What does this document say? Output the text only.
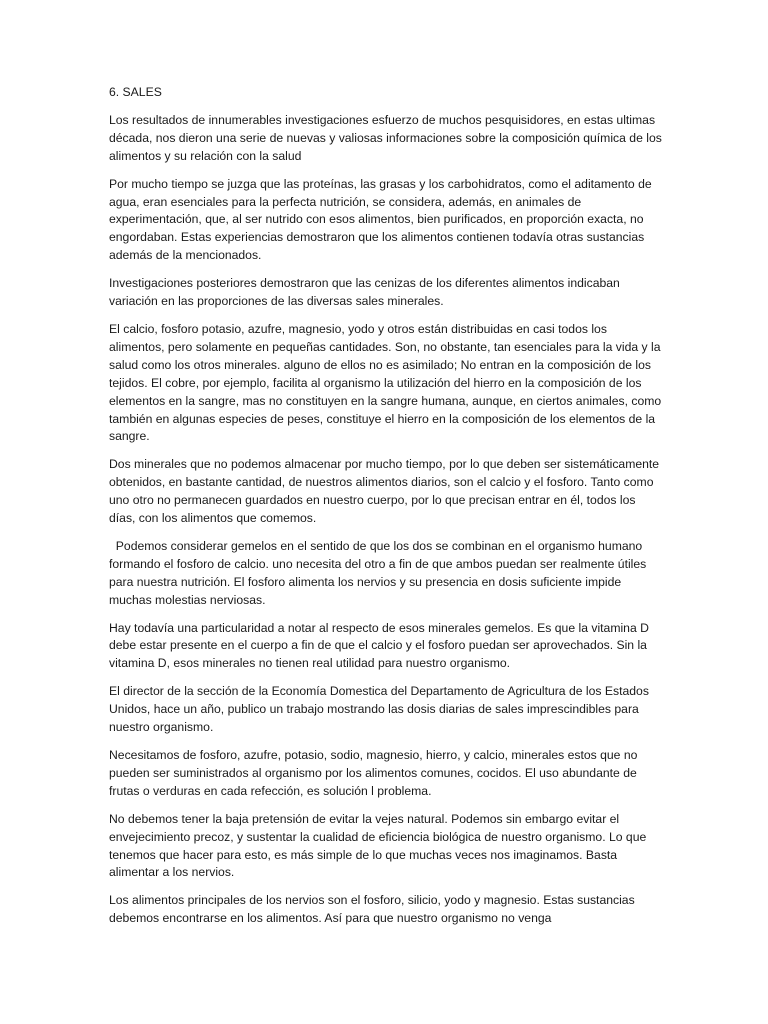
6. SALES

Los resultados de innumerables investigaciones esfuerzo de muchos pesquisidores, en estas ultimas década, nos dieron una serie de nuevas y valiosas informaciones sobre la composición química de los alimentos y su relación con la salud

Por mucho tiempo se juzga que las proteínas, las grasas y los carbohidratos, como el aditamento de agua, eran esenciales para la perfecta nutrición, se considera, además, en animales de experimentación, que, al ser nutrido con esos alimentos, bien purificados, en proporción exacta, no engordaban. Estas experiencias demostraron que los alimentos contienen todavía otras sustancias además de la mencionados.

Investigaciones posteriores demostraron que las cenizas de los diferentes alimentos indicaban variación en las proporciones de las diversas sales minerales.

El calcio, fosforo potasio, azufre, magnesio, yodo y otros están distribuidas en casi todos los alimentos, pero solamente en pequeñas cantidades. Son, no obstante, tan esenciales para la vida y la salud como los otros minerales. alguno de ellos no es asimilado; No entran en la composición de los tejidos. El cobre, por ejemplo, facilita al organismo la utilización del hierro en la composición de los elementos en la sangre, mas no constituyen en la sangre humana, aunque, en ciertos animales, como también en algunas especies de peses, constituye el hierro en la composición de los elementos de la sangre.

Dos minerales que no podemos almacenar por mucho tiempo, por lo que deben ser sistemáticamente obtenidos, en bastante cantidad, de nuestros alimentos diarios, son el calcio y el fosforo. Tanto como uno otro no permanecen guardados en nuestro cuerpo, por lo que precisan entrar en él, todos los días, con los alimentos que comemos.

Podemos considerar gemelos en el sentido de que los dos se combinan en el organismo humano formando el fosforo de calcio. uno necesita del otro a fin de que ambos puedan ser realmente útiles para nuestra nutrición. El fosforo alimenta los nervios y su presencia en dosis suficiente impide muchas molestias nerviosas.

Hay todavía una particularidad a notar al respecto de esos minerales gemelos. Es que la vitamina D debe estar presente en el cuerpo a fin de que el calcio y el fosforo puedan ser aprovechados. Sin la vitamina D, esos minerales no tienen real utilidad para nuestro organismo.

El director de la sección de la Economía Domestica del Departamento de Agricultura de los Estados Unidos, hace un año, publico un trabajo mostrando las dosis diarias de sales imprescindibles para nuestro organismo.

Necesitamos de fosforo, azufre, potasio, sodio, magnesio, hierro, y calcio, minerales estos que no pueden ser suministrados al organismo por los alimentos comunes, cocidos. El uso abundante de frutas o verduras en cada refección, es solución l problema.

No debemos tener la baja pretensión de evitar la vejes natural. Podemos sin embargo evitar el envejecimiento precoz, y sustentar la cualidad de eficiencia biológica de nuestro organismo. Lo que tenemos que hacer para esto, es más simple de lo que muchas veces nos imaginamos. Basta alimentar a los nervios.

Los alimentos principales de los nervios son el fosforo, silicio, yodo y magnesio. Estas sustancias debemos encontrarse en los alimentos. Así para que nuestro organismo no venga
